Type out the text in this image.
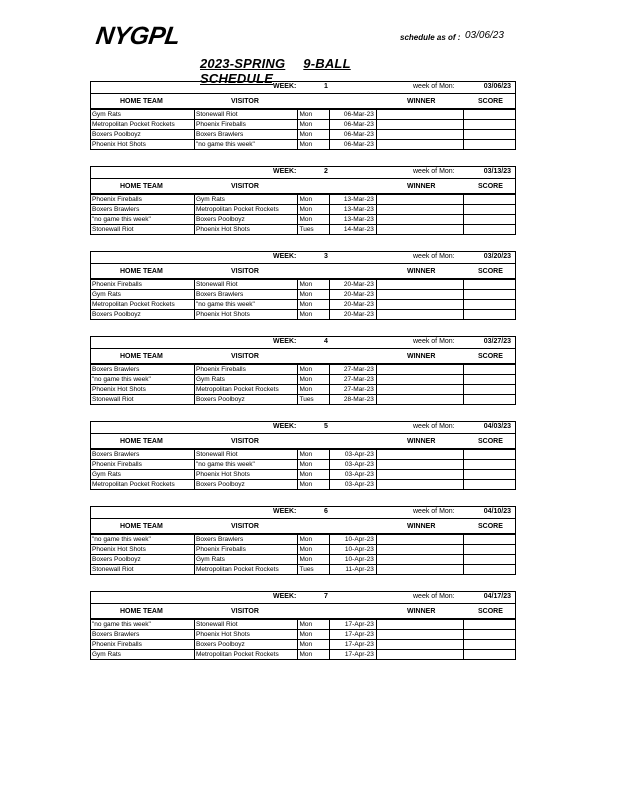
NYGPL	schedule as of : 03/06/23
2023-SPRING 9-BALL SCHEDULE
WEEK:	1	week of Mon:	03/06/23
HOME TEAM	VISITOR	WINNER	SCORE
Gym Rats	Stonewall Riot	Mon	06-Mar-23		
Metropolitan Pocket Rockets	Phoenix Fireballs	Mon	06-Mar-23		
Boxers Poolboyz	Boxers Brawlers	Mon	06-Mar-23		
Phoenix Hot Shots	"no game this week"	Mon	06-Mar-23		
WEEK:	2	week of Mon:	03/13/23
HOME TEAM	VISITOR	WINNER	SCORE
Phoenix Fireballs	Gym Rats	Mon	13-Mar-23		
Boxers Brawlers	Metropolitan Pocket Rockets	Mon	13-Mar-23		
"no game this week"	Boxers Poolboyz	Mon	13-Mar-23		
Stonewall Riot	Phoenix Hot Shots	Tues	14-Mar-23		
WEEK:	3	week of Mon:	03/20/23
HOME TEAM	VISITOR	WINNER	SCORE
Phoenix Fireballs	Stonewall Riot	Mon	20-Mar-23		
Gym Rats	Boxers Brawlers	Mon	20-Mar-23		
Metropolitan Pocket Rockets	"no game this week"	Mon	20-Mar-23		
Boxers Poolboyz	Phoenix Hot Shots	Mon	20-Mar-23		
WEEK:	4	week of Mon:	03/27/23
HOME TEAM	VISITOR	WINNER	SCORE
Boxers Brawlers	Phoenix Fireballs	Mon	27-Mar-23		
"no game this week"	Gym Rats	Mon	27-Mar-23		
Phoenix Hot Shots	Metropolitan Pocket Rockets	Mon	27-Mar-23		
Stonewall Riot	Boxers Poolboyz	Tues	28-Mar-23		
WEEK:	5	week of Mon:	04/03/23
HOME TEAM	VISITOR	WINNER	SCORE
Boxers Brawlers	Stonewall Riot	Mon	03-Apr-23		
Phoenix Fireballs	"no game this week"	Mon	03-Apr-23		
Gym Rats	Phoenix Hot Shots	Mon	03-Apr-23		
Metropolitan Pocket Rockets	Boxers Poolboyz	Mon	03-Apr-23		
WEEK:	6	week of Mon:	04/10/23
HOME TEAM	VISITOR	WINNER	SCORE
"no game this week"	Boxers Brawlers	Mon	10-Apr-23		
Phoenix Hot Shots	Phoenix Fireballs	Mon	10-Apr-23		
Boxers Poolboyz	Gym Rats	Mon	10-Apr-23		
Stonewall Riot	Metropolitan Pocket Rockets	Tues	11-Apr-23		
WEEK:	7	week of Mon:	04/17/23
HOME TEAM	VISITOR	WINNER	SCORE
"no game this week"	Stonewall Riot	Mon	17-Apr-23		
Boxers Brawlers	Phoenix Hot Shots	Mon	17-Apr-23		
Phoenix Fireballs	Boxers Poolboyz	Mon	17-Apr-23		
Gym Rats	Metropolitan Pocket Rockets	Mon	17-Apr-23		
